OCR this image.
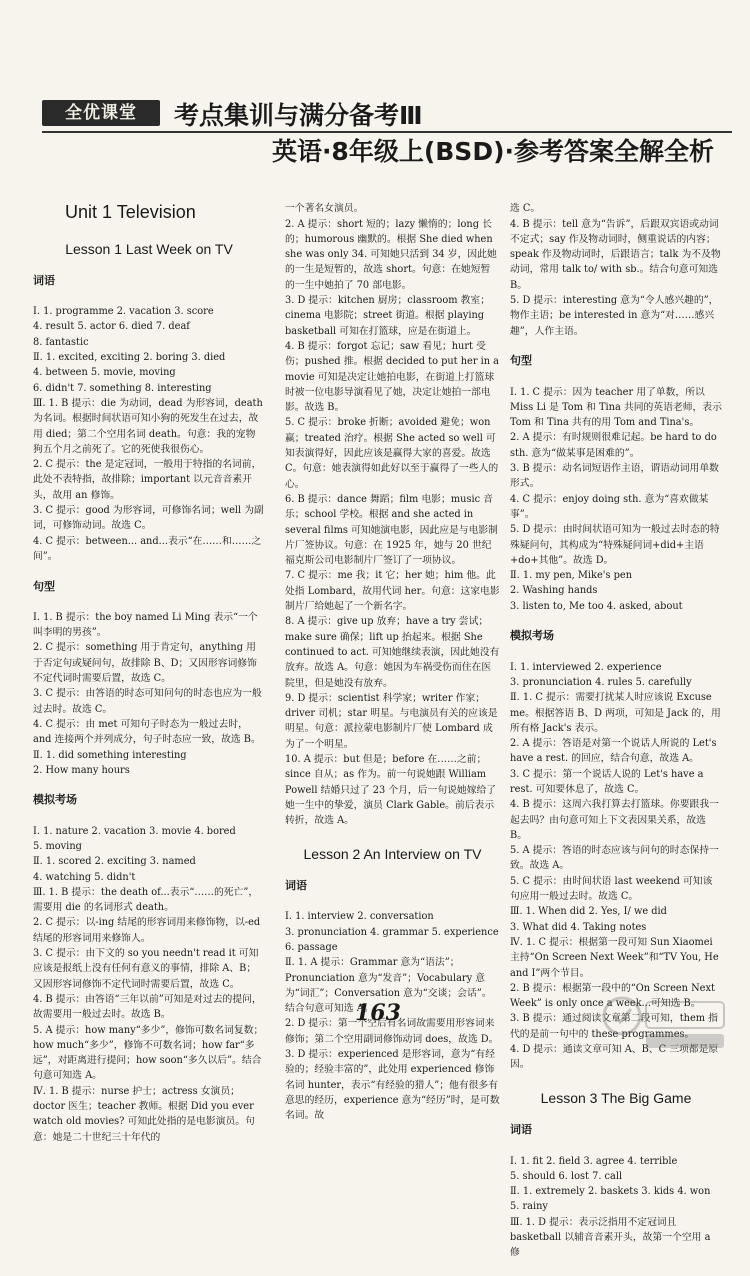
全优课堂	考点集训与满分备考Ⅲ
英语·8年级上(BSD)·参考答案全解全析

Unit 1 Television

Lesson 1 Last Week on TV

词语

Ⅰ. 1. programme 2. vacation 3. score
4. result 5. actor 6. died 7. deaf
8. fantastic
Ⅱ. 1. excited, exciting 2. boring 3. died
4. between 5. movie, moving
6. didn't 7. something 8. interesting
Ⅲ. 1. B 提示：die 为动词，dead 为形容词，death 为名词。根据时间状语可知小狗的死发生在过去，故用 died；第二个空用名词 death。句意：我的宠物狗五个月之前死了。它的死使我很伤心。
2. C 提示：the 是定冠词，一般用于特指的名词前，此处不表特指，故排除；important 以元音音素开头，故用 an 修饰。
3. C 提示：good 为形容词，可修饰名词；well 为副词，可修饰动词。故选 C。
4. C 提示：between... and...表示“在……和……之间”。

句型

Ⅰ. 1. B 提示：the boy named Li Ming 表示“一个叫李明的男孩”。
2. C 提示：something 用于肯定句，anything 用于否定句或疑问句，故排除 B、D；又因形容词修饰不定代词时需要后置，故选 C。
3. C 提示：由答语的时态可知问句的时态也应为一般过去时。故选 C。
4. C 提示：由 met 可知句子时态为一般过去时，and 连接两个并列成分，句子时态应一致，故选 B。
Ⅱ. 1. did something interesting
2. How many hours

模拟考场

Ⅰ. 1. nature 2. vacation 3. movie 4. bored
5. moving
Ⅱ. 1. scored 2. exciting 3. named
4. watching 5. didn't
Ⅲ. 1. B 提示：the death of...表示“……的死亡”，需要用 die 的名词形式 death。
2. C 提示：以-ing 结尾的形容词用来修饰物，以-ed 结尾的形容词用来修饰人。
3. C 提示：由下文的 so you needn't read it 可知应该是报纸上没有任何有意义的事情，排除 A、B；又因形容词修饰不定代词时需要后置，故选 C。
4. B 提示：由答语“三年以前”可知是对过去的提问，故需要用一般过去时。故选 B。
5. A 提示：how many“多少”，修饰可数名词复数；how much“多少”，修饰不可数名词；how far“多远”，对距离进行提问；how soon“多久以后”。结合句意可知选 A。
Ⅳ. 1. B 提示：nurse 护士；actress 女演员；doctor 医生；teacher 教师。根据 Did you ever watch old movies? 可知此处指的是电影演员。句意：她是二十世纪三十年代的

一个著名女演员。
2. A 提示：short 短的；lazy 懒惰的；long 长的；humorous 幽默的。根据 She died when she was only 34. 可知她只活到 34 岁，因此她的一生是短暂的，故选 short。句意：在她短暂的一生中她拍了 70 部电影。
3. D 提示：kitchen 厨房；classroom 教室；cinema 电影院；street 街道。根据 playing basketball 可知在打篮球，应是在街道上。
4. B 提示：forgot 忘记；saw 看见；hurt 受伤；pushed 推。根据 decided to put her in a movie 可知是决定让她拍电影，在街道上打篮球时被一位电影导演看见了她，决定让她拍一部电影。故选 B。
5. C 提示：broke 折断；avoided 避免；won 赢；treated 治疗。根据 She acted so well 可知表演得好，因此应该是赢得大家的喜爱。故选 C。句意：她表演得如此好以至于赢得了一些人的心。
6. B 提示：dance 舞蹈；film 电影；music 音乐；school 学校。根据 and she acted in several films 可知她演电影，因此应是与电影制片厂签协议。句意：在 1925 年，她与 20 世纪福克斯公司电影制片厂签订了一项协议。
7. C 提示：me 我；it 它；her 她；him 他。此处指 Lombard，故用代词 her。句意：这家电影制片厂给她起了一个新名字。
8. A 提示：give up 放弃；have a try 尝试；make sure 确保；lift up 抬起来。根据 She continued to act. 可知她继续表演，因此她没有放弃。故选 A。句意：她因为车祸受伤而住在医院里，但是她没有放弃。
9. D 提示：scientist 科学家；writer 作家；driver 司机；star 明星。与电演员有关的应该是明星。句意：派拉蒙电影制片厂使 Lombard 成为了一个明星。
10. A 提示：but 但是；before 在……之前；since 自从；as 作为。前一句说她跟 William Powell 结婚只过了 23 个月，后一句说她嫁给了她一生中的挚爱，演员 Clark Gable。前后表示转折，故选 A。

Lesson 2 An Interview on TV

词语

Ⅰ. 1. interview 2. conversation
3. pronunciation 4. grammar 5. experience
6. passage
Ⅱ. 1. A 提示：Grammar 意为“语法”；Pronunciation 意为“发音”；Vocabulary 意为“词汇”；Conversation 意为“交谈；会话”。结合句意可知选 A。
2. D 提示：第一个空后有名词故需要用形容词来修饰；第二个空用副词修饰动词 does，故选 D。
3. D 提示：experienced 是形容词，意为“有经验的；经验丰富的”，此处用 experienced 修饰名词 hunter，表示“有经验的猎人”；他有很多有意思的经历，experience 意为“经历”时，是可数名词。故

选 C。
4. B 提示：tell 意为“告诉”，后跟双宾语或动词不定式；say 作及物动词时，侧重说话的内容；speak 作及物动词时，后跟语言；talk 为不及物动词，常用 talk to/ with sb.。结合句意可知选 B。
5. D 提示：interesting 意为“令人感兴趣的”，物作主语；be interested in 意为“对……感兴趣”，人作主语。

句型

Ⅰ. 1. C 提示：因为 teacher 用了单数，所以 Miss Li 是 Tom 和 Tina 共同的英语老师，表示 Tom 和 Tina 共有的用 Tom and Tina's。
2. A 提示：有时规则很难记起。be hard to do sth. 意为“做某事是困难的”。
3. B 提示：动名词短语作主语，谓语动词用单数形式。
4. C 提示：enjoy doing sth. 意为“喜欢做某事”。
5. D 提示：由时间状语可知为一般过去时态的特殊疑问句，其构成为“特殊疑问词+did+主语+do+其他”。故选 D。
Ⅱ. 1. my pen, Mike's pen
2. Washing hands
3. listen to, Me too 4. asked, about

模拟考场

Ⅰ. 1. interviewed 2. experience
3. pronunciation 4. rules 5. carefully
Ⅱ. 1. C 提示：需要打扰某人时应该说 Excuse me。根据答语 B、D 两项，可知是 Jack 的，用所有格 Jack's 表示。
2. A 提示：答语是对第一个说话人所说的 Let's have a rest. 的回应，结合句意，故选 A。
3. C 提示：第一个说话人说的 Let's have a rest. 可知要休息了，故选 C。
4. B 提示：这周六我打算去打篮球。你要跟我一起去吗？由句意可知上下文表因果关系，故选 B。
5. A 提示：答语的时态应该与问句的时态保持一致。故选 A。
5. C 提示：由时间状语 last weekend 可知该句应用一般过去时。故选 C。
Ⅲ. 1. When did 2. Yes, I/ we did
3. What did 4. Taking notes
Ⅳ. 1. C 提示：根据第一段可知 Sun Xiaomei 主持“On Screen Next Week”和“TV You, He and I”两个节目。
2. B 提示：根据第一段中的“On Screen Next Week” is only once a week...可知选 B。
3. B 提示：通过阅读文章第二段可知，them 指代的是前一句中的 these
4. D 提示：通读文章可知 A、B、C 三项都是原因。

Lesson 3 The Big Game

词语

Ⅰ. 1. fit 2. field 3. agree 4. terrible
5. should 6. lost 7. call
Ⅱ. 1. extremely 2. baskets 3. kids 4. won
5. rainy
Ⅲ. 1. D 提示：表示泛指用不定冠词且 basketball 以辅音音素开头，故第一个空用 a 修

163
